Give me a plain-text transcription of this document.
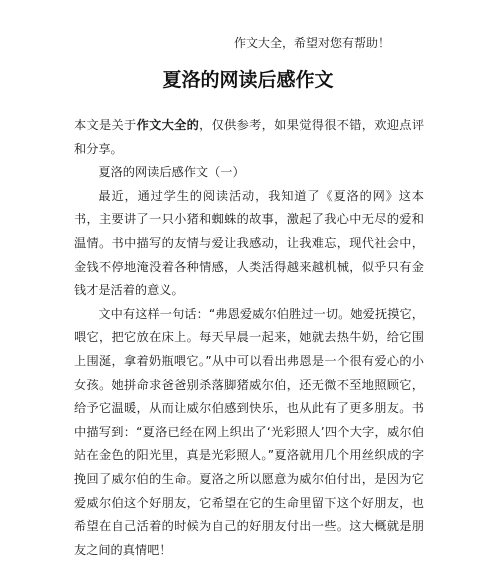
作文大全，希望对您有帮助！
夏洛的网读后感作文

本文是关于作文大全的，仅供参考，如果觉得很不错，欢迎点评和分享。

夏洛的网读后感作文（一）

最近，通过学生的阅读活动，我知道了《夏洛的网》这本书，主要讲了一只小猪和蜘蛛的故事，激起了我心中无尽的爱和温情。书中描写的友情与爱让我感动，让我难忘，现代社会中，金钱不停地淹没着各种情感，人类活得越来越机械，似乎只有金钱才是活着的意义。

文中有这样一句话：“弗恩爱威尔伯胜过一切。她爱抚摸它，喂它，把它放在床上。每天早晨一起来，她就去热牛奶，给它围上围涎，拿着奶瓶喂它。”从中可以看出弗恩是一个很有爱心的小女孩。她拼命求爸爸别杀落脚猪威尔伯，还无微不至地照顾它，给予它温暖，从而让威尔伯感到快乐，也从此有了更多朋友。书中描写到：“夏洛已经在网上织出了‘光彩照人’四个大字，威尔伯站在金色的阳光里，真是光彩照人。”夏洛就用几个用丝织成的字挽回了威尔伯的生命。夏洛之所以愿意为威尔伯付出，是因为它爱威尔伯这个好朋友，它希望在它的生命里留下这个好朋友，也希望在自己活着的时候为自己的好朋友付出一些。这大概就是朋友之间的真情吧！
